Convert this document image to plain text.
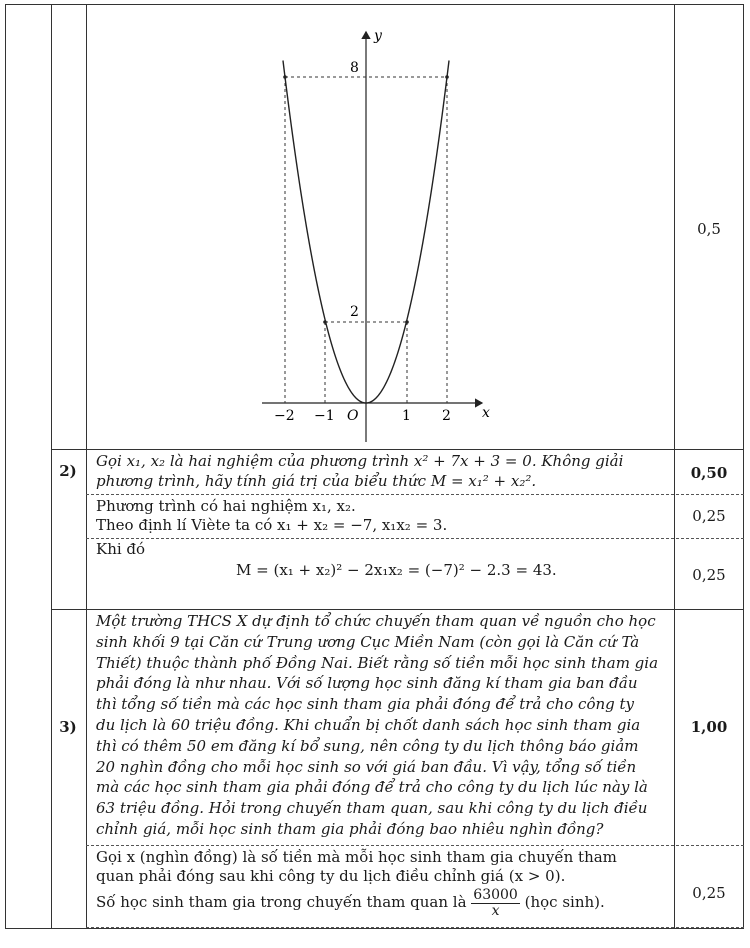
y
x
O
8
2
−2 −1	1 2
0,5
2)
Gọi x₁, x₂ là hai nghiệm của phương trình x² + 7x + 3 = 0. Không giải
phương trình, hãy tính giá trị của biểu thức M = x₁² + x₂².	0,50
Phương trình có hai nghiệm x₁, x₂.
Theo định lí Viète ta có x₁ + x₂ = −7, x₁x₂ = 3.	0,25
Khi đó
M = (x₁ + x₂)² − 2x₁x₂ = (−7)² − 2.3 = 43.	0,25
3)
Một trường THCS X dự định tổ chức chuyến tham quan về nguồn cho học
sinh khối 9 tại Căn cứ Trung ương Cục Miền Nam (còn gọi là Căn cứ Tà
Thiết) thuộc thành phố Đồng Nai. Biết rằng số tiền mỗi học sinh tham gia
phải đóng là như nhau. Với số lượng học sinh đăng kí tham gia ban đầu
thì tổng số tiền mà các học sinh tham gia phải đóng để trả cho công ty
du lịch là 60 triệu đồng. Khi chuẩn bị chốt danh sách học sinh tham gia
thì có thêm 50 em đăng kí bổ sung, nên công ty du lịch thông báo giảm
20 nghìn đồng cho mỗi học sinh so với giá ban đầu. Vì vậy, tổng số tiền
mà các học sinh tham gia phải đóng để trả cho công ty du lịch lúc này là
63 triệu đồng. Hỏi trong chuyến tham quan, sau khi công ty du lịch điều
chỉnh giá, mỗi học sinh tham gia phải đóng bao nhiêu nghìn đồng?
1,00
Gọi x (nghìn đồng) là số tiền mà mỗi học sinh tham gia chuyến tham
quan phải đóng sau khi công ty du lịch điều chỉnh giá (x > 0).
Số học sinh tham gia trong chuyến tham quan là $\frac{63000}{x}$ (học sinh).	0,25
